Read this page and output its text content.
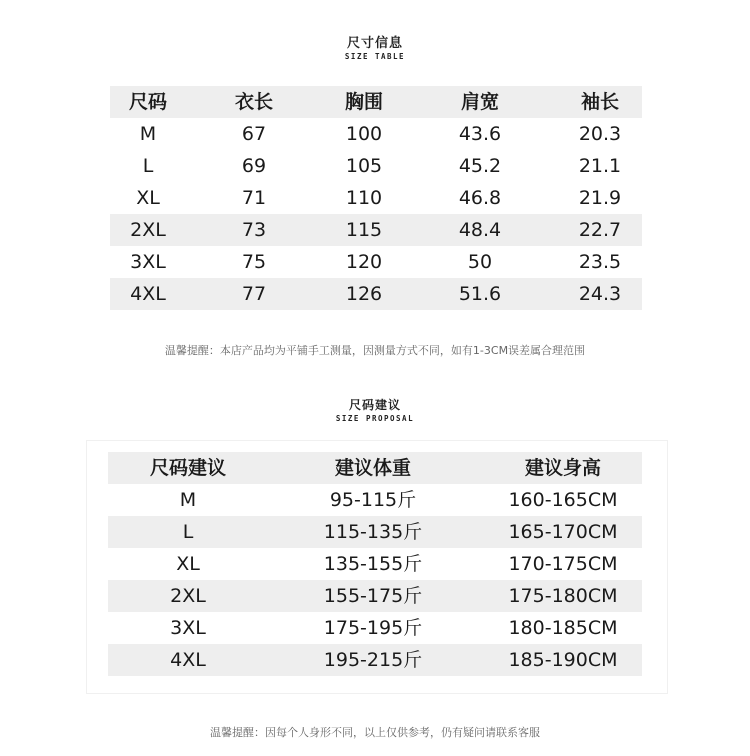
尺寸信息
SIZE TABLE
尺码	衣长	胸围	肩宽	袖长
M	67	100	43.6	20.3
L	69	105	45.2	21.1
XL	71	110	46.8	21.9
2XL	73	115	48.4	22.7
3XL	75	120	50	23.5
4XL	77	126	51.6	24.3
温馨提醒：本店产品均为平铺手工测量，因测量方式不同，如有1-3CM误差属合理范围
尺码建议
SIZE PROPOSAL
尺码建议	建议体重	建议身高
M	95-115斤	160-165CM
L	115-135斤	165-170CM
XL	135-155斤	170-175CM
2XL	155-175斤	175-180CM
3XL	175-195斤	180-185CM
4XL	195-215斤	185-190CM
温馨提醒：因每个人身形不同，以上仅供参考，仍有疑问请联系客服
